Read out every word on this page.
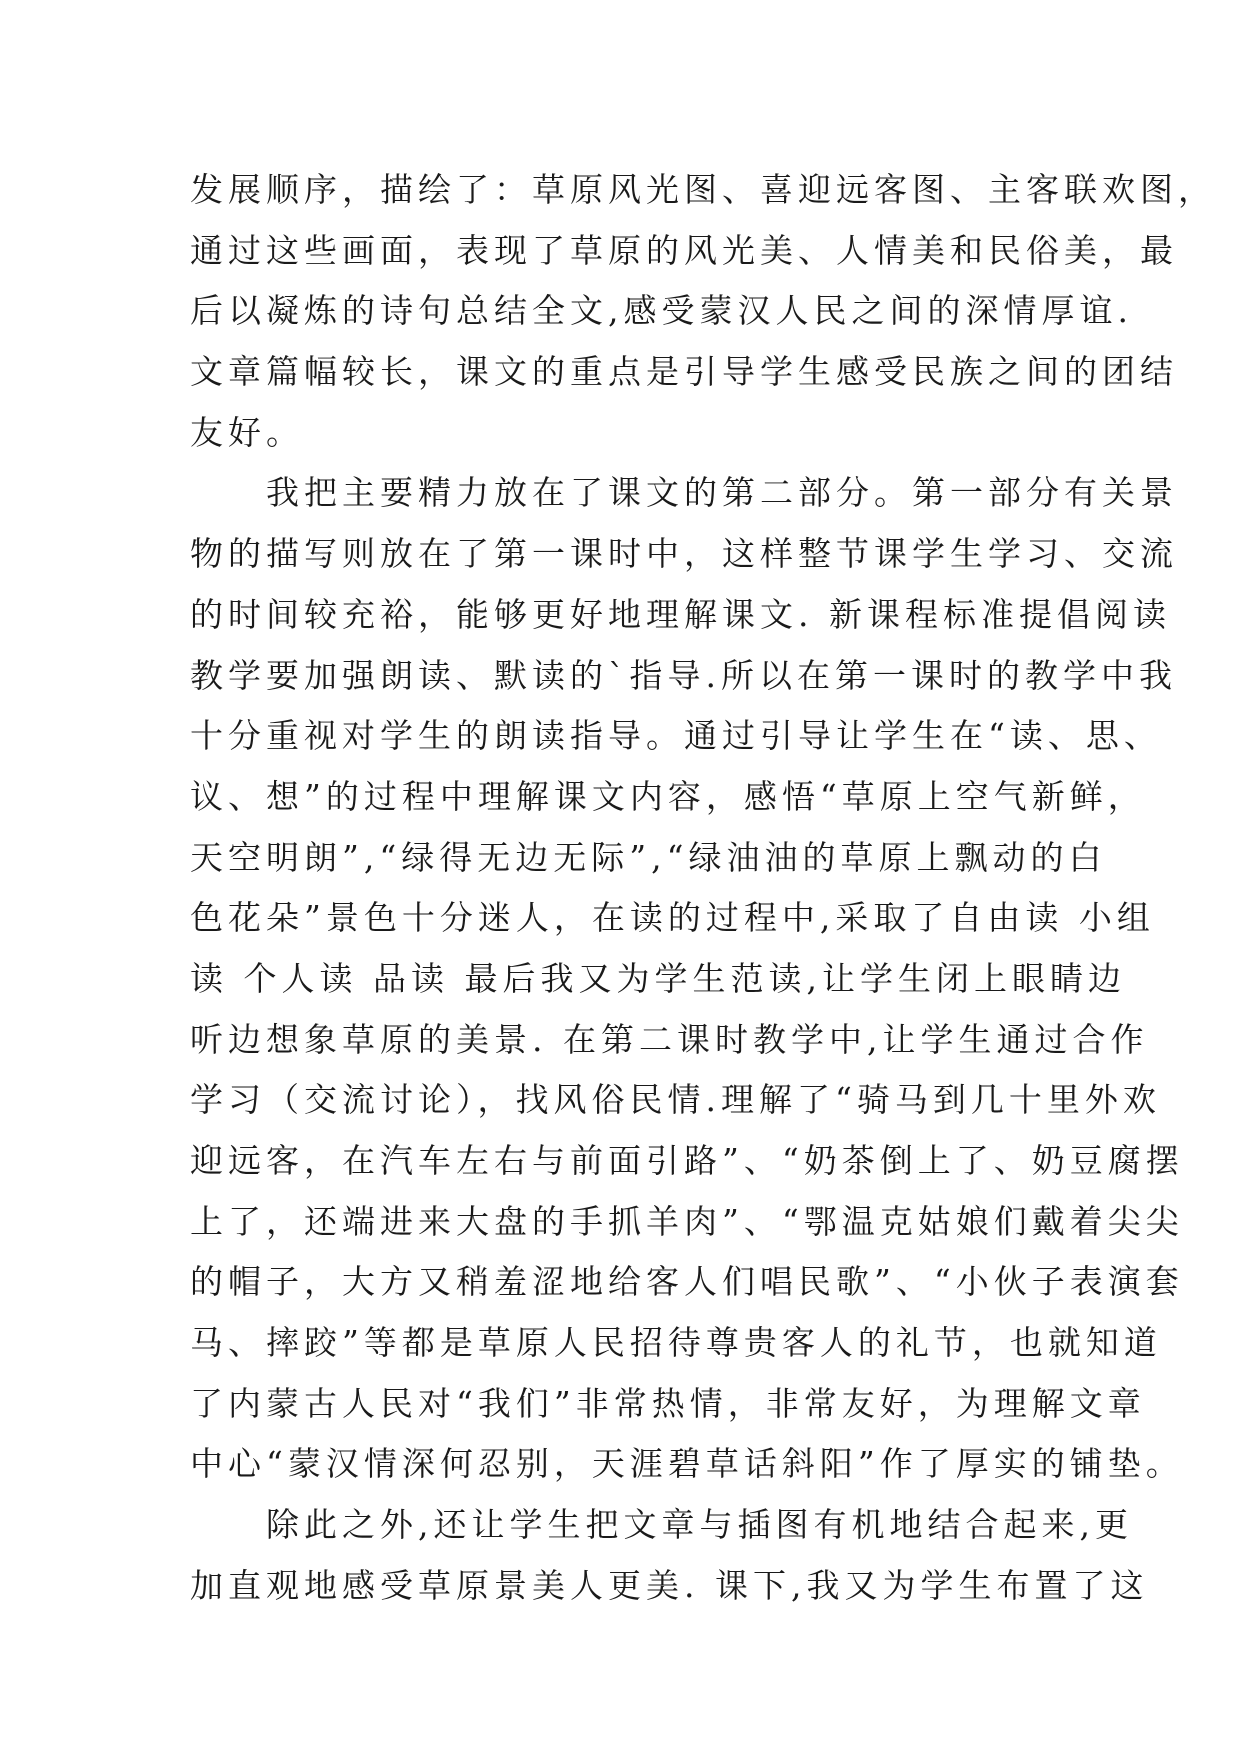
发展顺序，描绘了：草原风光图、喜迎远客图、主客联欢图，
通过这些画面，表现了草原的风光美、人情美和民俗美，最
后以凝炼的诗句总结全文,感受蒙汉人民之间的深情厚谊.
文章篇幅较长，课文的重点是引导学生感受民族之间的团结
友好。
　　我把主要精力放在了课文的第二部分。第一部分有关景
物的描写则放在了第一课时中，这样整节课学生学习、交流
的时间较充裕，能够更好地理解课文. 新课程标准提倡阅读
教学要加强朗读、默读的`指导.所以在第一课时的教学中我
十分重视对学生的朗读指导。通过引导让学生在“读、思、
议、想”的过程中理解课文内容，感悟“草原上空气新鲜，
天空明朗”,“绿得无边无际”,“绿油油的草原上飘动的白
色花朵”景色十分迷人，在读的过程中,采取了自由读 小组
读 个人读 品读 最后我又为学生范读,让学生闭上眼睛边
听边想象草原的美景. 在第二课时教学中,让学生通过合作
学习（交流讨论），找风俗民情.理解了“骑马到几十里外欢
迎远客，在汽车左右与前面引路”、“奶茶倒上了、奶豆腐摆
上了，还端进来大盘的手抓羊肉”、“鄂温克姑娘们戴着尖尖
的帽子，大方又稍羞涩地给客人们唱民歌”、“小伙子表演套
马、摔跤”等都是草原人民招待尊贵客人的礼节，也就知道
了内蒙古人民对“我们”非常热情，非常友好，为理解文章
中心“蒙汉情深何忍别，天涯碧草话斜阳”作了厚实的铺垫。
　　除此之外,还让学生把文章与插图有机地结合起来,更
加直观地感受草原景美人更美. 课下,我又为学生布置了这
